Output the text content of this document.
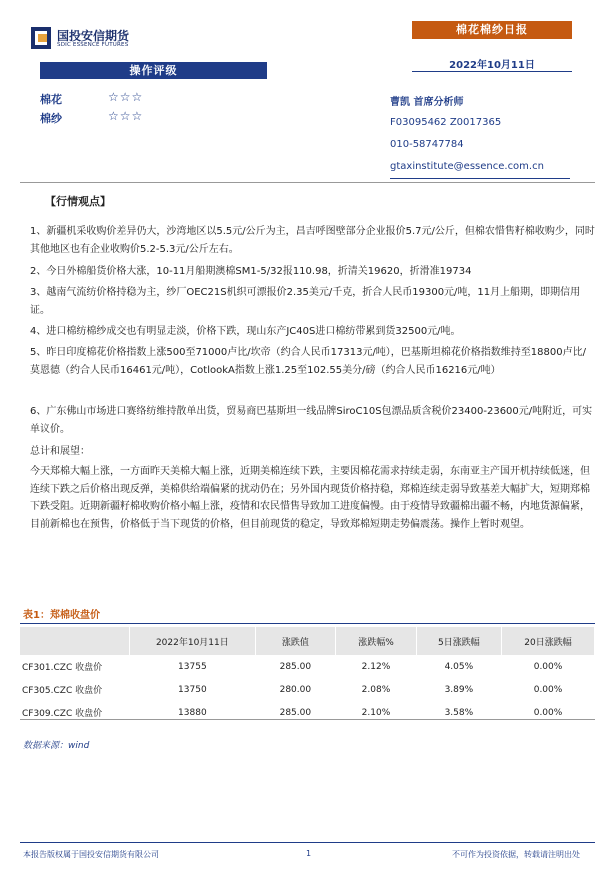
国投安信期货
SDIC ESSENCE FUTURES
棉花棉纱日报
2022年10月11日
操作评级
棉花	☆☆☆
棉纱	☆☆☆
曹凯 首席分析师
F03095462 Z0017365
010-58747784
gtaxinstitute@essence.com.cn
【行情观点】
1、新疆机采收购价差异仍大，沙湾地区以5.5元/公斤为主，昌吉呼图壁部分企业报价5.7元/公斤，但棉农惜售籽棉收购少，同时其他地区也有企业收购价5.2-5.3元/公斤左右。
2、今日外棉船货价格大涨，10-11月船期澳棉SM1-5/32报110.98，折清关19620，折滑准19734
3、越南气流纺价格持稳为主，纱厂OEC21S机织可漂报价2.35美元/千克，折合人民币19300元/吨，11月上船期，即期信用证。
4、进口棉纺棉纱成交也有明显走淡，价格下跌，现山东产JC40S进口棉纺带累到货32500元/吨。
5、昨日印度棉花价格指数上涨500至71000卢比/坎帝（约合人民币17313元/吨），巴基斯坦棉花价格指数维持至18800卢比/莫恩德（约合人民币16461元/吨），CotlookA指数上涨1.25至102.55美分/磅（约合人民币16216元/吨）
6、广东佛山市场进口赛络纺维持散单出货，贸易商巴基斯坦一线品牌SiroC10S包漂品质含税价23400-23600元/吨附近，可实单议价。
总计和展望：
今天郑棉大幅上涨，一方面昨天美棉大幅上涨，近期美棉连续下跌，主要因棉花需求持续走弱，东南亚主产国开机持续低迷，但连续下跌之后价格出现反弹，美棉供给端偏紧的扰动仍在；另外国内现货价格持稳，郑棉连续走弱导致基差大幅扩大，短期郑棉下跌受阻。近期新疆籽棉收购价格小幅上涨，疫情和农民惜售导致加工进度偏慢。由于疫情导致疆棉出疆不畅，内地货源偏紧，目前新棉也在预售，价格低于当下现货的价格，但目前现货的稳定，导致郑棉短期走势偏震荡。操作上暂时观望。
表1：郑棉收盘价
	2022年10月11日	涨跌值	涨跌幅%	5日涨跌幅	20日涨跌幅
CF301.CZC 收盘价	13755	285.00	2.12%	4.05%	0.00%
CF305.CZC 收盘价	13750	280.00	2.08%	3.89%	0.00%
CF309.CZC 收盘价	13880	285.00	2.10%	3.58%	0.00%
数据来源：wind
本报告版权属于国投安信期货有限公司	1	不可作为投资依据，转载请注明出处
